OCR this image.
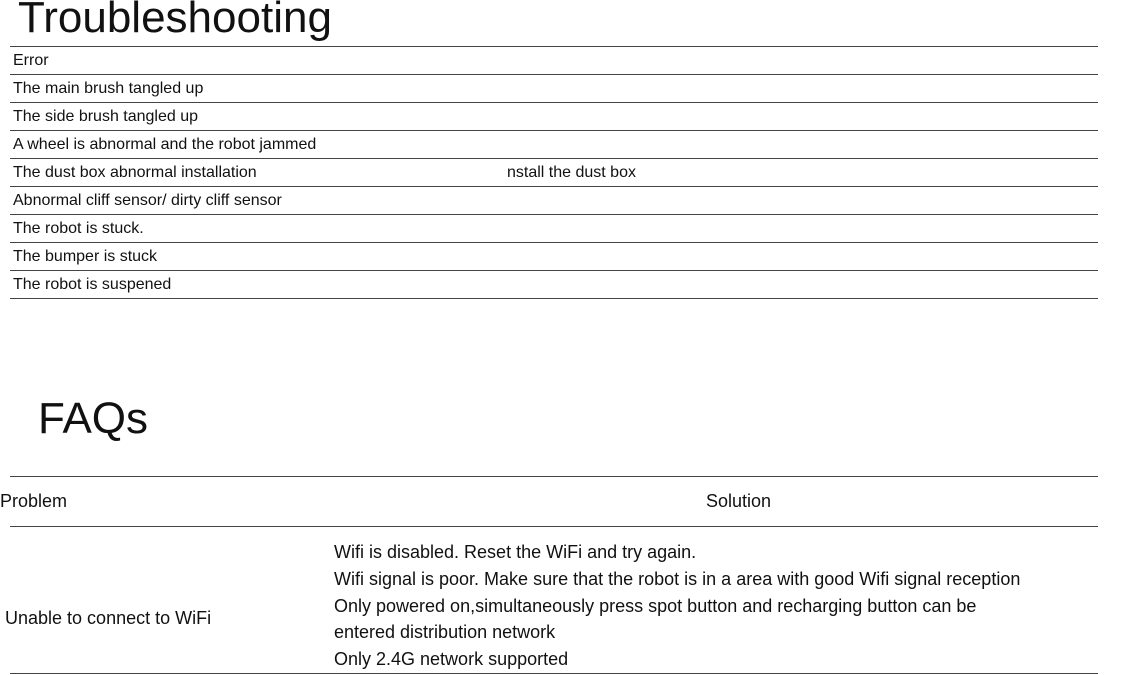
Troubleshooting
Error
The main brush tangled up
The side brush tangled up
A wheel is abnormal and the robot jammed
The dust box abnormal installation	nstall the dust box
Abnormal cliff sensor/ dirty cliff sensor
The robot is stuck.
The bumper is stuck
The robot is suspened
FAQs
Problem	Solution
Unable to connect to WiFi
Wifi is disabled. Reset the WiFi and try again.
Wifi signal is poor. Make sure that the robot is in a area with good Wifi signal reception
Only powered on,simultaneously press spot button and recharging button can be
entered distribution network
Only 2.4G network supported
